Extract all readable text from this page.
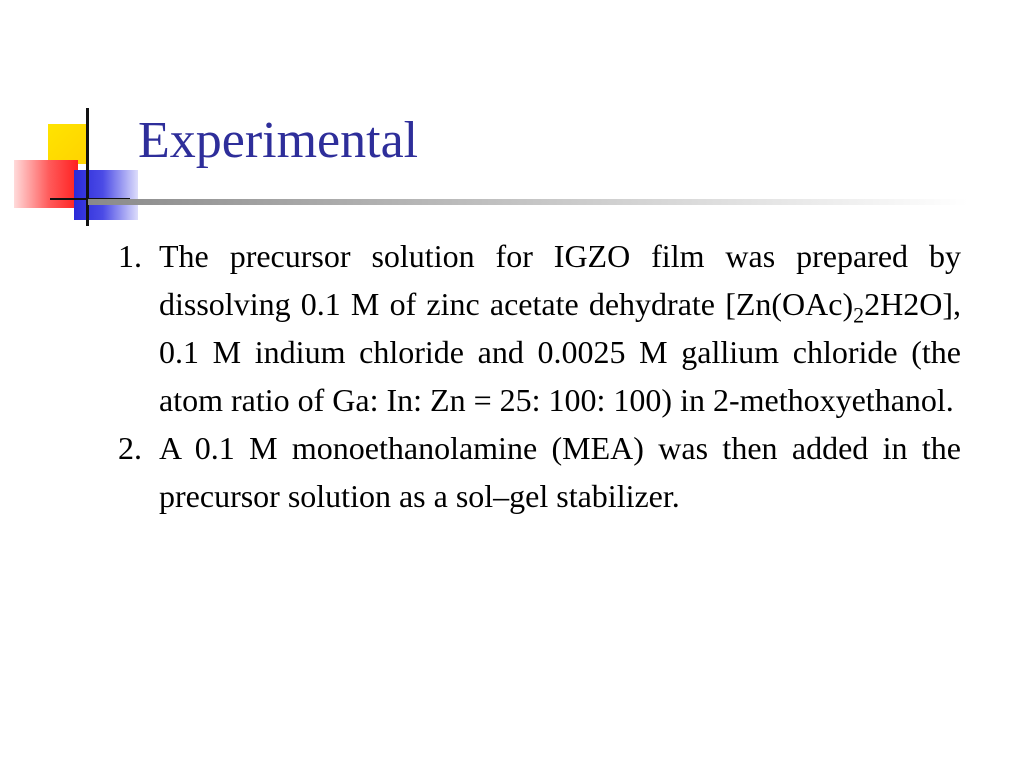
Experimental
1. The precursor solution for IGZO film was prepared by dissolving 0.1 M of zinc acetate dehydrate $[Zn(OAc)_22H2O]$, 0.1 M indium chloride and 0.0025 M gallium chloride (the atom ratio of Ga: In: Zn = 25: 100: 100) in 2-methoxyethanol.
2. A 0.1 M monoethanolamine (MEA) was then added in the precursor solution as a sol–gel stabilizer.
